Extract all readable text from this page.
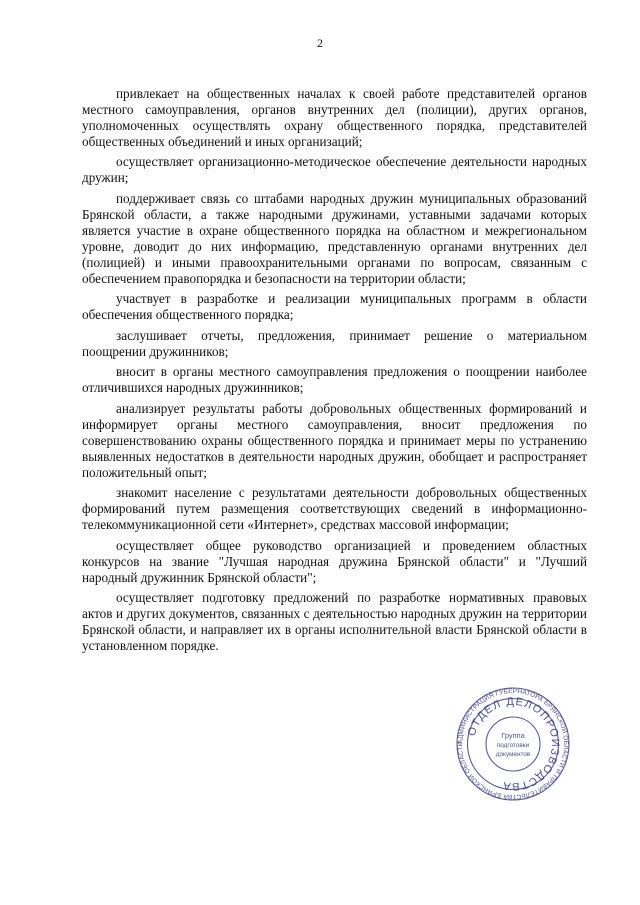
2

привлекает на общественных началах к своей работе представителей органов местного самоуправления, органов внутренних дел (полиции), других органов, уполномоченных осуществлять охрану общественного порядка, представителей общественных объединений и иных организаций;

осуществляет организационно-методическое обеспечение деятельности народных дружин;

поддерживает связь со штабами народных дружин муниципальных образований Брянской области, а также народными дружинами, уставными задачами которых является участие в охране общественного порядка на областном и межрегиональном уровне, доводит до них информацию, представленную органами внутренних дел (полицией) и иными правоохранительными органами по вопросам, связанным с обеспечением правопорядка и безопасности на территории области;

участвует в разработке и реализации муниципальных программ в области обеспечения общественного порядка;

заслушивает отчеты, предложения, принимает решение о материальном поощрении дружинников;

вносит в органы местного самоуправления предложения о поощрении наиболее отличившихся народных дружинников;

анализирует результаты работы добровольных общественных формирований и информирует органы местного самоуправления, вносит предложения по совершенствованию охраны общественного порядка и принимает меры по устранению выявленных недостатков в деятельности народных дружин, обобщает и распространяет положительный опыт;

знакомит население с результатами деятельности добровольных общественных формирований путем размещения соответствующих сведений в информационно-телекоммуникационной сети «Интернет», средствах массовой информации;

осуществляет общее руководство организацией и проведением областных конкурсов на звание "Лучшая народная дружина Брянской области" и "Лучший народный дружинник Брянской области";

осуществляет подготовку предложений по разработке нормативных правовых актов и других документов, связанных с деятельностью народных дружин на территории Брянской области, и направляет их в органы исполнительной власти Брянской области в установленном порядке.

АДМИНИСТРАЦИЯ ГУБЕРНАТОРА БРЯНСКОЙ ОБЛАСТИ И ПРАВИТЕЛЬСТВА БРЯНСКОЙ ОБЛАСТИ
ОТДЕЛ ДЕЛОПРОИЗВОДСТВА
Группа
подготовки
документов
